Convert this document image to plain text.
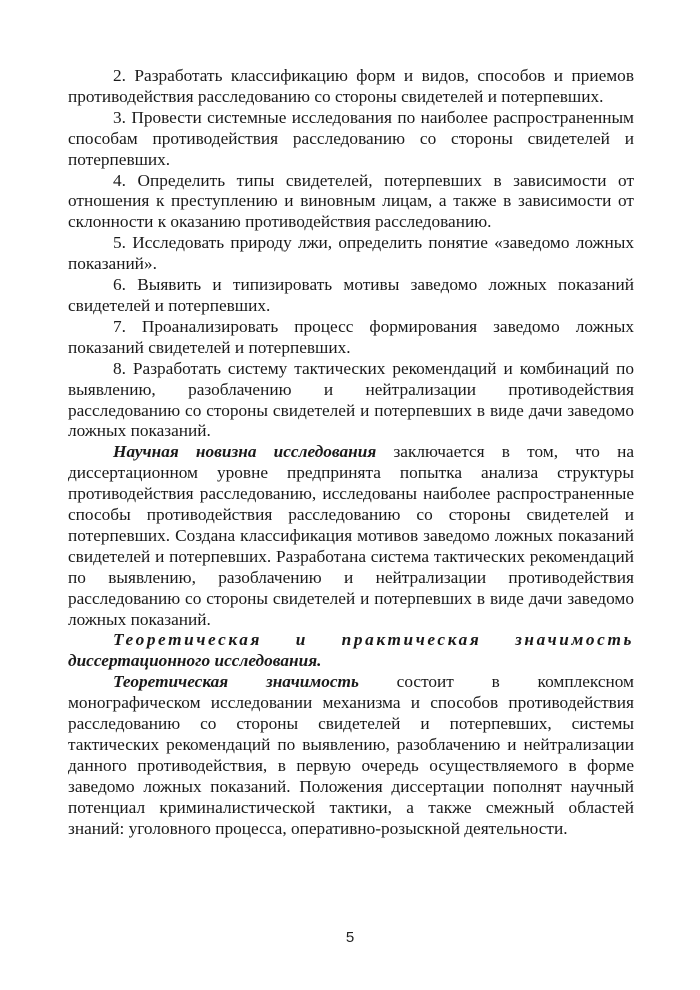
2. Разработать классификацию форм и видов, способов и приемов противодействия расследованию со стороны свидетелей и потерпевших.

3. Провести системные исследования по наиболее распространенным способам противодействия расследованию со стороны свидетелей и потерпевших.

4. Определить типы свидетелей, потерпевших в зависимости от отношения к преступлению и виновным лицам, а также в зависимости от склонности к оказанию противодействия расследованию.

5. Исследовать природу лжи, определить понятие «заведомо ложных показаний».

6. Выявить и типизировать мотивы заведомо ложных показаний свидетелей и потерпевших.

7. Проанализировать процесс формирования заведомо ложных показаний свидетелей и потерпевших.

8. Разработать систему тактических рекомендаций и комбинаций по выявлению, разоблачению и нейтрализации противодействия расследованию со стороны свидетелей и потерпевших в виде дачи заведомо ложных показаний.

Научная новизна исследования заключается в том, что на диссертационном уровне предпринята попытка анализа структуры противодействия расследованию, исследованы наиболее распространенные способы противодействия расследованию со стороны свидетелей и потерпевших. Создана классификация мотивов заведомо ложных показаний свидетелей и потерпевших. Разработана система тактических рекомендаций по выявлению, разоблачению и нейтрализации противодействия расследованию со стороны свидетелей и потерпевших в виде дачи заведомо ложных показаний.

Теоретическая и практическая значимость диссертационного исследования.

Теоретическая значимость состоит в комплексном монографическом исследовании механизма и способов противодействия расследованию со стороны свидетелей и потерпевших, системы тактических рекомендаций по выявлению, разоблачению и нейтрализации данного противодействия, в первую очередь осуществляемого в форме заведомо ложных показаний. Положения диссертации пополнят научный потенциал криминалистической тактики, а также смежный областей знаний: уголовного процесса, оперативно-розыскной деятельности.

5
